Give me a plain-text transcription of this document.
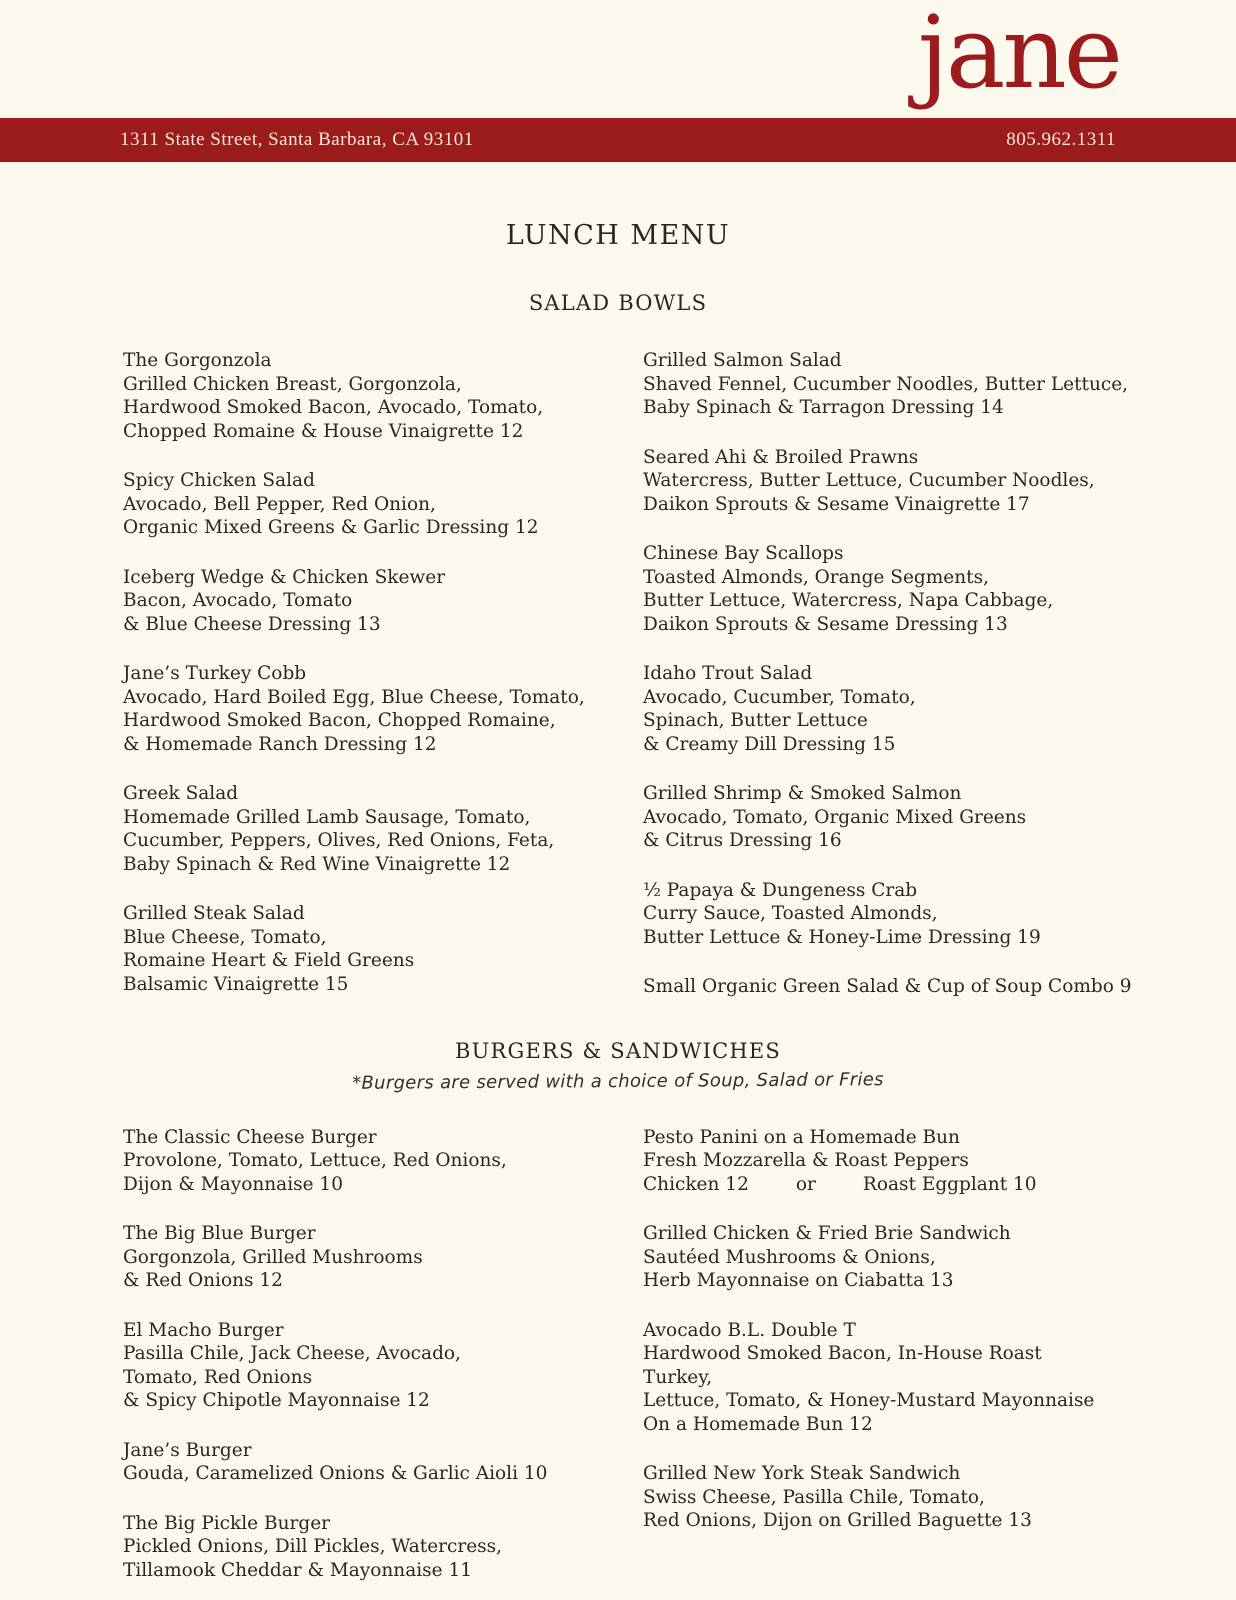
jane
1311 State Street, Santa Barbara, CA 93101	805.962.1311
LUNCH MENU
SALAD BOWLS
The Gorgonzola
Grilled Chicken Breast, Gorgonzola,
Hardwood Smoked Bacon, Avocado, Tomato,
Chopped Romaine & House Vinaigrette 12
Spicy Chicken Salad
Avocado, Bell Pepper, Red Onion,
Organic Mixed Greens & Garlic Dressing 12
Iceberg Wedge & Chicken Skewer
Bacon, Avocado, Tomato
& Blue Cheese Dressing 13
Jane’s Turkey Cobb
Avocado, Hard Boiled Egg, Blue Cheese, Tomato,
Hardwood Smoked Bacon, Chopped Romaine,
& Homemade Ranch Dressing 12
Greek Salad
Homemade Grilled Lamb Sausage, Tomato,
Cucumber, Peppers, Olives, Red Onions, Feta,
Baby Spinach & Red Wine Vinaigrette 12
Grilled Steak Salad
Blue Cheese, Tomato,
Romaine Heart & Field Greens
Balsamic Vinaigrette 15
Grilled Salmon Salad
Shaved Fennel, Cucumber Noodles, Butter Lettuce,
Baby Spinach & Tarragon Dressing 14
Seared Ahi & Broiled Prawns
Watercress, Butter Lettuce, Cucumber Noodles,
Daikon Sprouts & Sesame Vinaigrette 17
Chinese Bay Scallops
Toasted Almonds, Orange Segments,
Butter Lettuce, Watercress, Napa Cabbage,
Daikon Sprouts & Sesame Dressing 13
Idaho Trout Salad
Avocado, Cucumber, Tomato,
Spinach, Butter Lettuce
& Creamy Dill Dressing 15
Grilled Shrimp & Smoked Salmon
Avocado, Tomato, Organic Mixed Greens
& Citrus Dressing 16
½ Papaya & Dungeness Crab
Curry Sauce, Toasted Almonds,
Butter Lettuce & Honey-Lime Dressing 19
Small Organic Green Salad & Cup of Soup Combo 9
BURGERS & SANDWICHES
*Burgers are served with a choice of Soup, Salad or Fries
The Classic Cheese Burger
Provolone, Tomato, Lettuce, Red Onions,
Dijon & Mayonnaise 10
The Big Blue Burger
Gorgonzola, Grilled Mushrooms
& Red Onions 12
El Macho Burger
Pasilla Chile, Jack Cheese, Avocado,
Tomato, Red Onions
& Spicy Chipotle Mayonnaise 12
Jane’s Burger
Gouda, Caramelized Onions & Garlic Aioli 10
The Big Pickle Burger
Pickled Onions, Dill Pickles, Watercress,
Tillamook Cheddar & Mayonnaise 11
Pesto Panini on a Homemade Bun
Fresh Mozzarella & Roast Peppers
Chicken 12        or        Roast Eggplant 10
Grilled Chicken & Fried Brie Sandwich
Sautéed Mushrooms & Onions,
Herb Mayonnaise on Ciabatta 13
Avocado B.L. Double T
Hardwood Smoked Bacon, In-House Roast
Turkey,
Lettuce, Tomato, & Honey-Mustard Mayonnaise
On a Homemade Bun 12
Grilled New York Steak Sandwich
Swiss Cheese, Pasilla Chile, Tomato,
Red Onions, Dijon on Grilled Baguette 13
